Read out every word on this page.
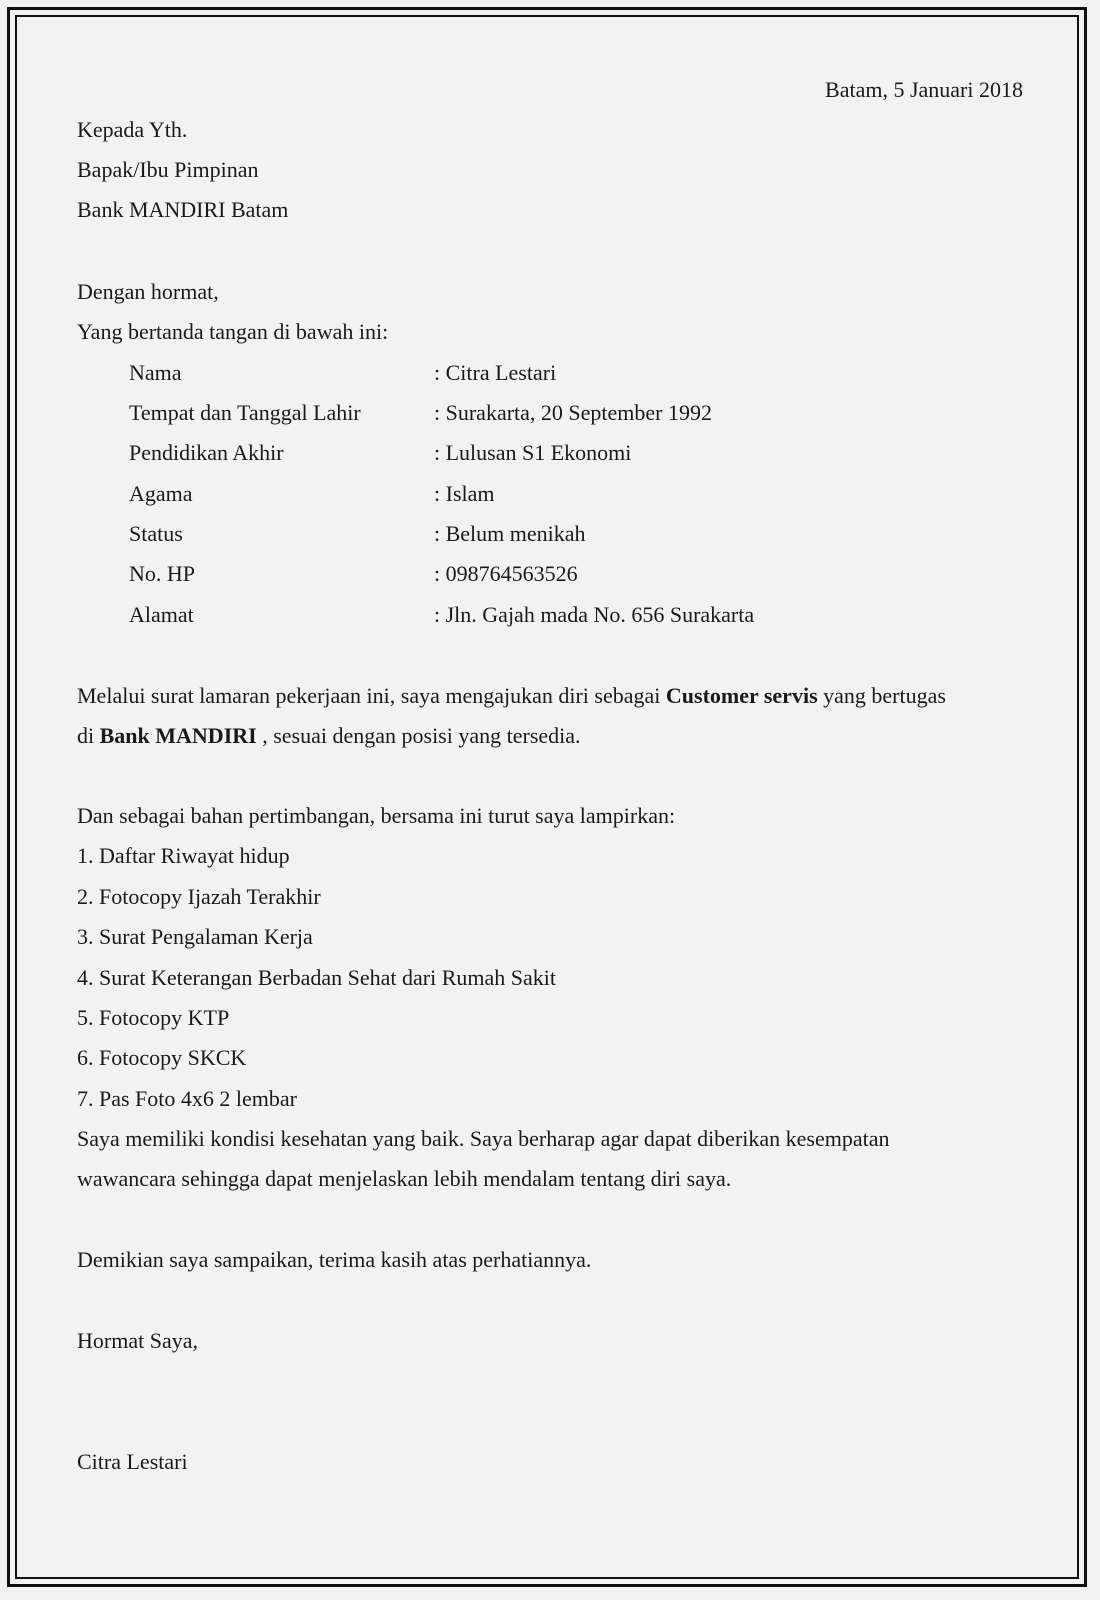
Batam, 5 Januari 2018
Kepada Yth.
Bapak/Ibu Pimpinan
Bank MANDIRI Batam
Dengan hormat,
Yang bertanda tangan di bawah ini:
Nama	: Citra Lestari
Tempat dan Tanggal Lahir	: Surakarta, 20 September 1992
Pendidikan Akhir	: Lulusan S1 Ekonomi
Agama	: Islam
Status	: Belum menikah
No. HP	: 098764563526
Alamat	: Jln. Gajah mada No. 656 Surakarta
Melalui surat lamaran pekerjaan ini, saya mengajukan diri sebagai Customer servis yang bertugas
di Bank MANDIRI , sesuai dengan posisi yang tersedia.
Dan sebagai bahan pertimbangan, bersama ini turut saya lampirkan:
1. Daftar Riwayat hidup
2. Fotocopy Ijazah Terakhir
3. Surat Pengalaman Kerja
4. Surat Keterangan Berbadan Sehat dari Rumah Sakit
5. Fotocopy KTP
6. Fotocopy SKCK
7. Pas Foto 4x6 2 lembar
Saya memiliki kondisi kesehatan yang baik. Saya berharap agar dapat diberikan kesempatan
wawancara sehingga dapat menjelaskan lebih mendalam tentang diri saya.
Demikian saya sampaikan, terima kasih atas perhatiannya.
Hormat Saya,
Citra Lestari
